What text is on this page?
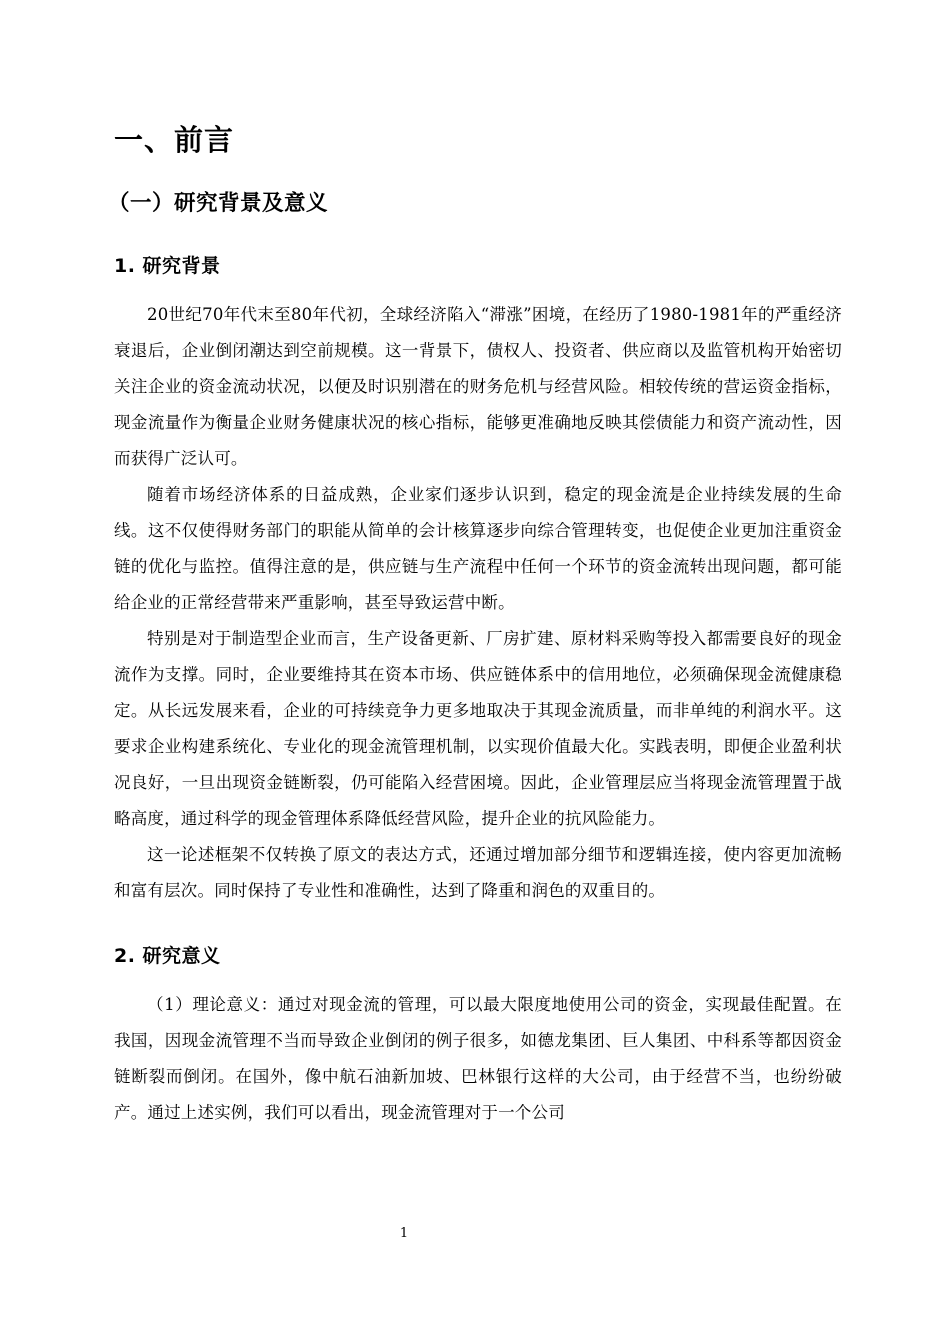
一、前言
（一）研究背景及意义
1. 研究背景

20世纪70年代末至80年代初，全球经济陷入“滞涨”困境，在经历了1980-1981年的严重经济衰退后，企业倒闭潮达到空前规模。这一背景下，债权人、投资者、供应商以及监管机构开始密切关注企业的资金流动状况，以便及时识别潜在的财务危机与经营风险。相较传统的营运资金指标，现金流量作为衡量企业财务健康状况的核心指标，能够更准确地反映其偿债能力和资产流动性，因而获得广泛认可。

随着市场经济体系的日益成熟，企业家们逐步认识到，稳定的现金流是企业持续发展的生命线。这不仅使得财务部门的职能从简单的会计核算逐步向综合管理转变，也促使企业更加注重资金链的优化与监控。值得注意的是，供应链与生产流程中任何一个环节的资金流转出现问题，都可能给企业的正常经营带来严重影响，甚至导致运营中断。

特别是对于制造型企业而言，生产设备更新、厂房扩建、原材料采购等投入都需要良好的现金流作为支撑。同时，企业要维持其在资本市场、供应链体系中的信用地位，必须确保现金流健康稳定。从长远发展来看，企业的可持续竞争力更多地取决于其现金流质量，而非单纯的利润水平。这要求企业构建系统化、专业化的现金流管理机制，以实现价值最大化。实践表明，即便企业盈利状况良好，一旦出现资金链断裂，仍可能陷入经营困境。因此，企业管理层应当将现金流管理置于战略高度，通过科学的现金管理体系降低经营风险，提升企业的抗风险能力。

这一论述框架不仅转换了原文的表达方式，还通过增加部分细节和逻辑连接，使内容更加流畅和富有层次。同时保持了专业性和准确性，达到了降重和润色的双重目的。

2. 研究意义

（1）理论意义：通过对现金流的管理，可以最大限度地使用公司的资金，实现最佳配置。在我国，因现金流管理不当而导致企业倒闭的例子很多，如德龙集团、巨人集团、中科系等都因资金链断裂而倒闭。在国外，像中航石油新加坡、巴林银行这样的大公司，由于经营不当，也纷纷破产。通过上述实例，我们可以看出，现金流管理对于一个公司

1
